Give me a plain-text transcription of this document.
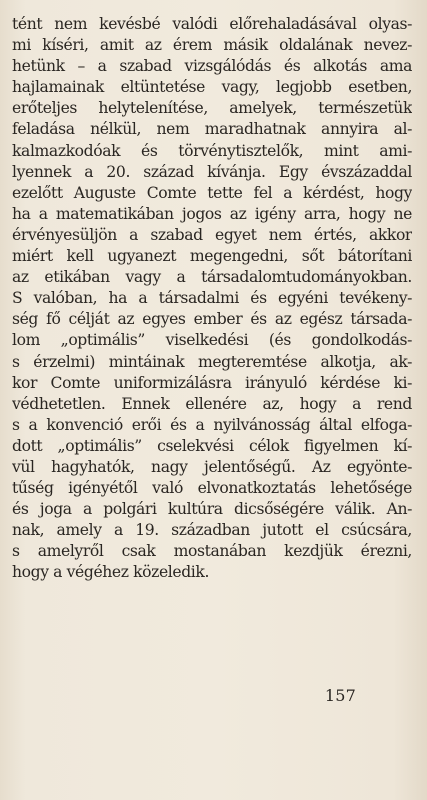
tént nem kevésbé valódi előrehaladásával olyas-
mi kíséri, amit az érem másik oldalának nevez-
hetünk – a szabad vizsgálódás és alkotás ama
hajlamainak eltüntetése vagy, legjobb esetben,
erőteljes helytelenítése, amelyek, természetük
feladása nélkül, nem maradhatnak annyira al-
kalmazkodóak és törvénytisztelők, mint ami-
lyennek a 20. század kívánja. Egy évszázaddal
ezelőtt Auguste Comte tette fel a kérdést, hogy
ha a matematikában jogos az igény arra, hogy ne
érvényesüljön a szabad egyet nem értés, akkor
miért kell ugyanezt megengedni, sőt bátorítani
az etikában vagy a társadalomtudományokban.
S valóban, ha a társadalmi és egyéni tevékeny-
ség fő célját az egyes ember és az egész társada-
lom „optimális” viselkedési (és gondolkodás-
s érzelmi) mintáinak megteremtése alkotja, ak-
kor Comte uniformizálásra irányuló kérdése ki-
védhetetlen. Ennek ellenére az, hogy a rend
s a konvenció erői és a nyilvánosság által elfoga-
dott „optimális” cselekvési célok figyelmen kí-
vül hagyhatók, nagy jelentőségű. Az egyönte-
tűség igényétől való elvonatkoztatás lehetősége
és joga a polgári kultúra dicsőségére válik. An-
nak, amely a 19. században jutott el csúcsára,
s amelyről csak mostanában kezdjük érezni,
hogy a végéhez közeledik.
157
